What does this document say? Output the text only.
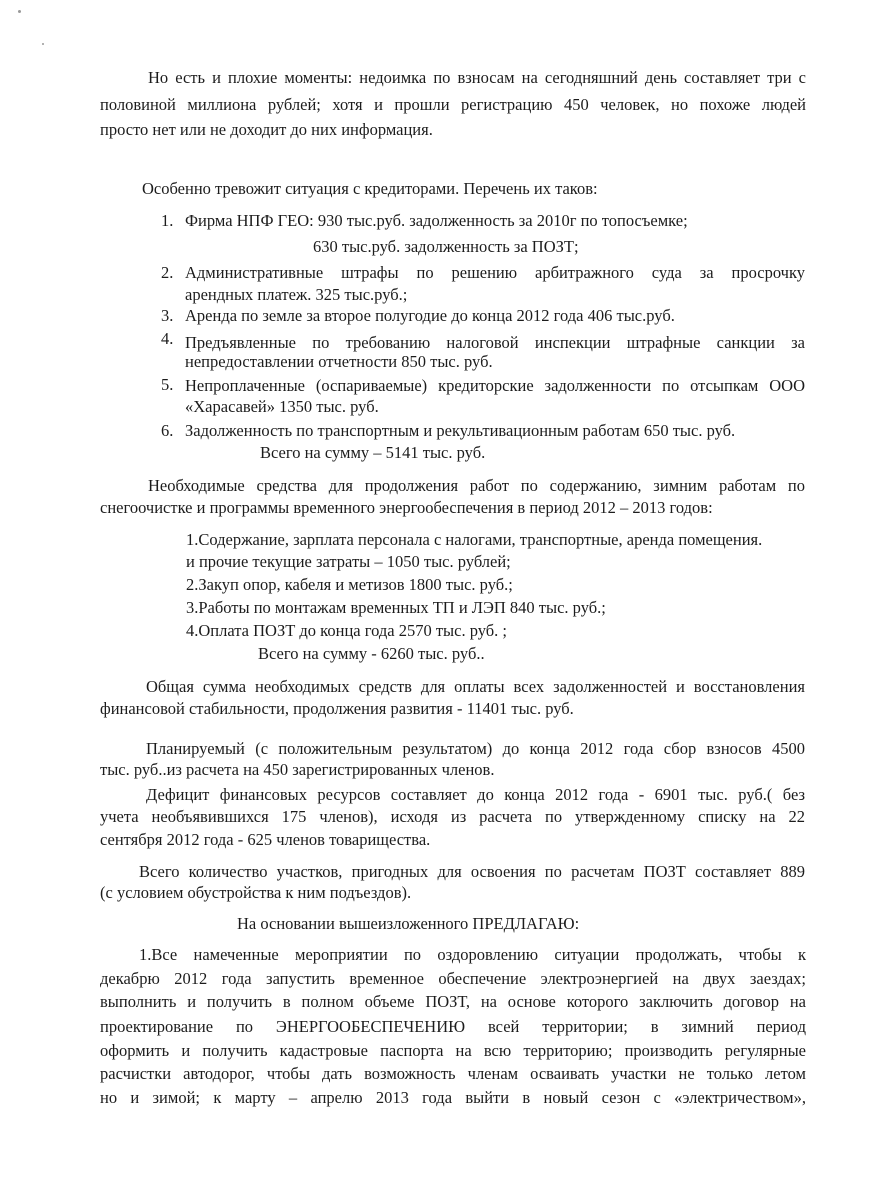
Но есть и плохие моменты: недоимка по взносам на сегодняшний день составляет три с
половиной миллиона рублей; хотя и прошли регистрацию 450 человек, но похоже людей
просто нет или не доходит до них информация.
Особенно тревожит ситуация с кредиторами. Перечень их таков:
1. Фирма НПФ ГЕО: 930 тыс.руб. задолженность за 2010г по топосъемке;
630 тыс.руб. задолженность за ПОЗТ;
2. Административные штрафы по решению арбитражного суда за просрочку
арендных платеж. 325 тыс.руб.;
3. Аренда по земле за второе полугодие до конца 2012 года 406 тыс.руб.
4. Предъявленные по требованию налоговой инспекции штрафные санкции за
непредоставлении отчетности 850 тыс. руб.
5. Непроплаченные (оспариваемые) кредиторские задолженности по отсыпкам ООО
«Харасавей» 1350 тыс. руб.
6. Задолженность по транспортным и рекультивационным работам 650 тыс. руб.
Всего на сумму – 5141 тыс. руб.
Необходимые средства для продолжения работ по содержанию, зимним работам по
снегоочистке и программы временного энергообеспечения в период 2012 – 2013 годов:
1.Содержание, зарплата персонала с налогами, транспортные, аренда помещения.
и прочие текущие затраты – 1050 тыс. рублей;
2.Закуп опор, кабеля и метизов 1800 тыс. руб.;
3.Работы по монтажам временных ТП и ЛЭП 840 тыс. руб.;
4.Оплата ПОЗТ до конца года 2570 тыс. руб. ;
Всего на сумму - 6260 тыс. руб..
Общая сумма необходимых средств для оплаты всех задолженностей и восстановления
финансовой стабильности, продолжения развития - 11401 тыс. руб.
Планируемый (с положительным результатом) до конца 2012 года сбор взносов 4500
тыс. руб..из расчета на 450 зарегистрированных членов.
Дефицит финансовых ресурсов составляет до конца 2012 года - 6901 тыс. руб.( без
учета необъявившихся 175 членов), исходя из расчета по утвержденному списку на 22
сентября 2012 года - 625 членов товарищества.
Всего количество участков, пригодных для освоения по расчетам ПОЗТ составляет 889
(с условием обустройства к ним подъездов).
На основании вышеизложенного ПРЕДЛАГАЮ:
1.Все намеченные мероприятии по оздоровлению ситуации продолжать, чтобы к
декабрю 2012 года запустить временное обеспечение электроэнергией на двух заездах;
выполнить и получить в полном объеме ПОЗТ, на основе которого заключить договор на
проектирование по ЭНЕРГООБЕСПЕЧЕНИЮ всей территории; в зимний период
оформить и получить кадастровые паспорта на всю территорию; производить регулярные
расчистки автодорог, чтобы дать возможность членам осваивать участки не только летом
но и зимой; к марту – апрелю 2013 года выйти в новый сезон с «электричеством»,
